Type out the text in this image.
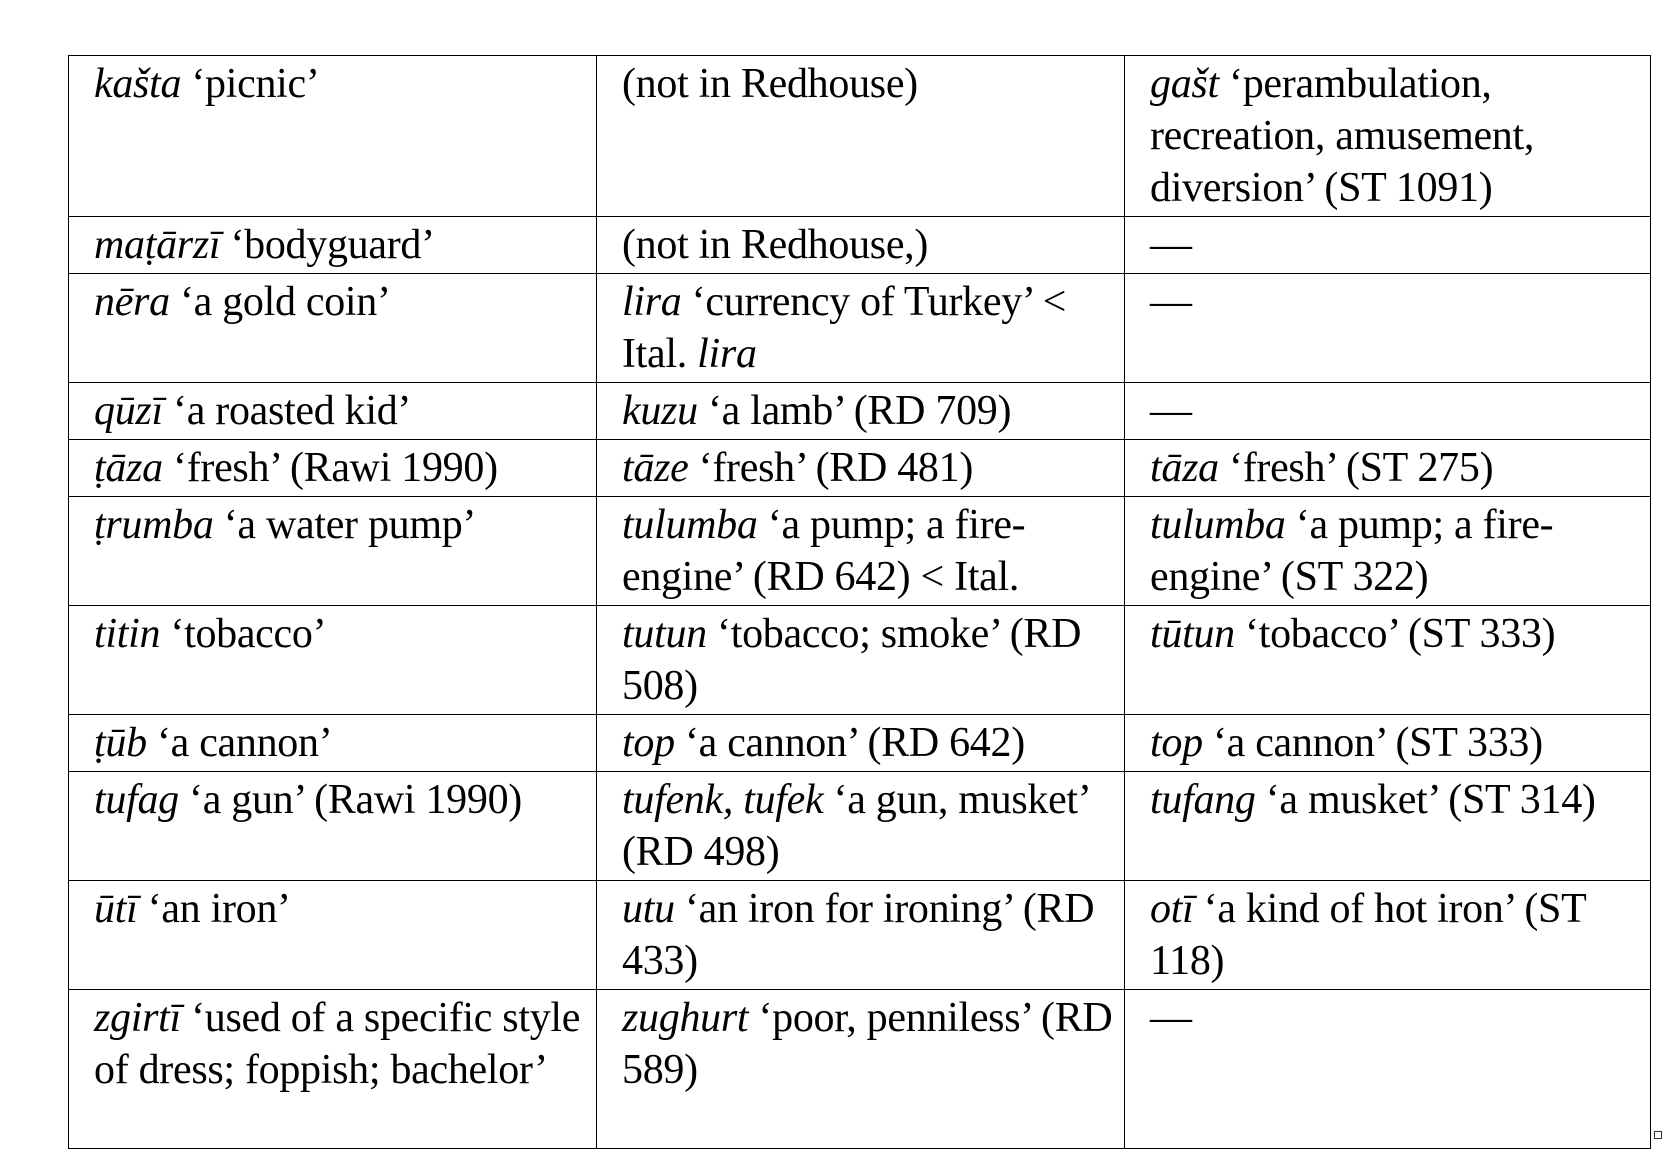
kašta ‘picnic’	(not in Redhouse)	gašt ‘perambulation, recreation, amusement, diversion’ (ST 1091)
maṭārzī ‘bodyguard’	(not in Redhouse,)	—
nēra ‘a gold coin’	lira ‘currency of Turkey’ < Ital. lira	—
qūzī ‘a roasted kid’	kuzu ‘a lamb’ (RD 709)	—
ṭāza ‘fresh’ (Rawi 1990)	tāze ‘fresh’ (RD 481)	tāza ‘fresh’ (ST 275)
ṭrumba ‘a water pump’	tulumba ‘a pump; a fire-engine’ (RD 642) < Ital.	tulumba ‘a pump; a fire-engine’ (ST 322)
titin ‘tobacco’	tutun ‘tobacco; smoke’ (RD 508)	tūtun ‘tobacco’ (ST 333)
ṭūb ‘a cannon’	top ‘a cannon’ (RD 642)	top ‘a cannon’ (ST 333)
tufag ‘a gun’ (Rawi 1990)	tufenk, tufek ‘a gun, musket’ (RD 498)	tufang ‘a musket’ (ST 314)
ūtī ‘an iron’	utu ‘an iron for ironing’ (RD 433)	otī ‘a kind of hot iron’ (ST 118)
zgirtī ‘used of a specific style of dress; foppish; bachelor’	zughurt ‘poor, penniless’ (RD 589)	—
